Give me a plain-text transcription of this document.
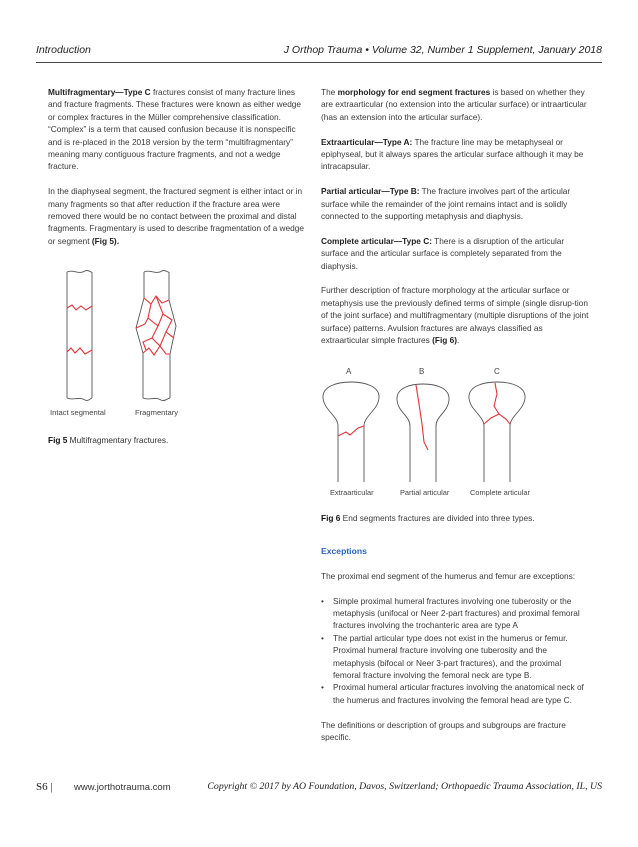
Introduction	J Orthop Trauma • Volume 32, Number 1 Supplement, January 2018

Multifragmentary—Type C fractures consist of many fracture lines and fracture fragments. These fractures were known as either wedge or complex fractures in the Müller comprehensive classification. “Complex” is a term that caused confusion because it is nonspecific and is re-placed in the 2018 version by the term “multifragmentary” meaning many contiguous fracture fragments, and not a wedge fracture.

In the diaphyseal segment, the fractured segment is either intact or in many fragments so that after reduction if the fracture area were removed there would be no contact between the proximal and distal fragments. Fragmentary is used to describe fragmentation of a wedge or segment (Fig 5).

Intact segmental	Fragmentary
Fig 5 Multifragmentary fractures.

The morphology for end segment fractures is based on whether they are extraarticular (no extension into the articular surface) or intraarticular (has an extension into the articular surface).

Extraarticular—Type A: The fracture line may be metaphyseal or epiphyseal, but it always spares the articular surface although it may be intracapsular.

Partial articular—Type B: The fracture involves part of the articular surface while the remainder of the joint remains intact and is solidly connected to the supporting metaphysis and diaphysis.

Complete articular—Type C: There is a disruption of the articular surface and the articular surface is completely separated from the diaphysis.

Further description of fracture morphology at the articular surface or metaphysis use the previously defined terms of simple (single disrup-tion of the joint surface) and multifragmentary (multiple disruptions of the joint surface) patterns. Avulsion fractures are always classified as extraarticular simple fractures (Fig 6).

A	B	C
Extraarticular	Partial articular	Complete articular

Fig 6 End segments fractures are divided into three types.

Exceptions

The proximal end segment of the humerus and femur are exceptions:

• Simple proximal humeral fractures involving one tuberosity or the metaphysis (unifocal or Neer 2-part fractures) and proximal femoral fractures involving the trochanteric area are type A
• The partial articular type does not exist in the humerus or femur. Proximal humeral fracture involving one tuberosity and the metaphysis (bifocal or Neer 3-part fractures), and the proximal femoral fracture involving the femoral neck are type B.
• Proximal humeral articular fractures involving the anatomical neck of the humerus and fractures involving the femoral head are type C.

The definitions or description of groups and subgroups are fracture specific.

S6 | www.jorthotrauma.com	Copyright © 2017 by AO Foundation, Davos, Switzerland; Orthopaedic Trauma Association, IL, US
